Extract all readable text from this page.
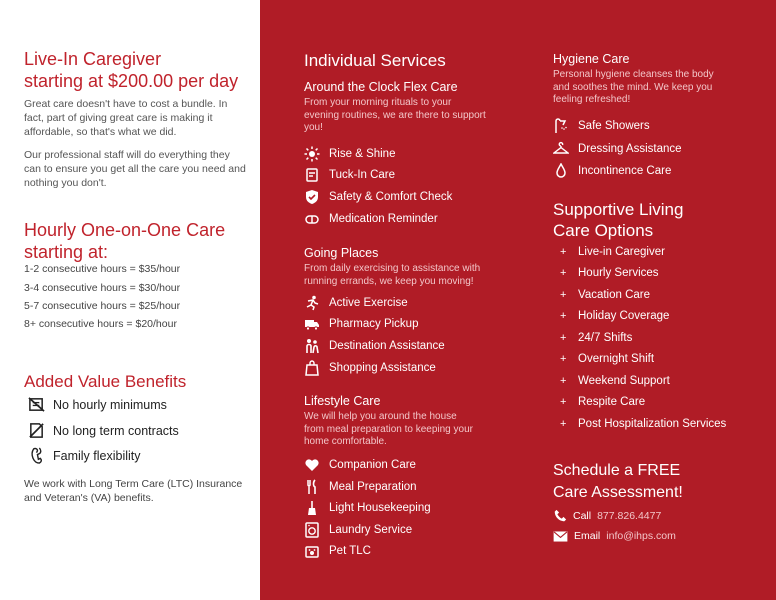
Live-In Caregiver
starting at $200.00 per day
Great care doesn't have to cost a bundle. In fact, part of giving great care is making it affordable, so that's what we did.
Our professional staff will do everything they can to ensure you get all the care you need and nothing you don't.
Hourly One-on-One Care
starting at:
1-2 consecutive hours = $35/hour
3-4 consecutive hours = $30/hour
5-7 consecutive hours = $25/hour
8+ consecutive hours = $20/hour
Added Value Benefits
No hourly minimums
No long term contracts
Family flexibility
We work with Long Term Care (LTC) Insurance and Veteran's (VA) benefits.
Individual Services
Around the Clock Flex Care
From your morning rituals to your evening routines, we are there to support you!
Rise & Shine
Tuck-In Care
Safety & Comfort Check
Medication Reminder
Going Places
From daily exercising to assistance with running errands, we keep you moving!
Active Exercise
Pharmacy Pickup
Destination Assistance
Shopping Assistance
Lifestyle Care
We will help you around the house from meal preparation to keeping your home comfortable.
Companion Care
Meal Preparation
Light Housekeeping
Laundry Service
Pet TLC
Hygiene Care
Personal hygiene cleanses the body and soothes the mind. We keep you feeling refreshed!
Safe Showers
Dressing Assistance
Incontinence Care
Supportive Living
Care Options
+ Live-in Caregiver
+ Hourly Services
+ Vacation Care
+ Holiday Coverage
+ 24/7 Shifts
+ Overnight Shift
+ Weekend Support
+ Respite Care
+ Post Hospitalization Services
Schedule a FREE
Care Assessment!
Call 877.826.4477
Email info@ihps.com
